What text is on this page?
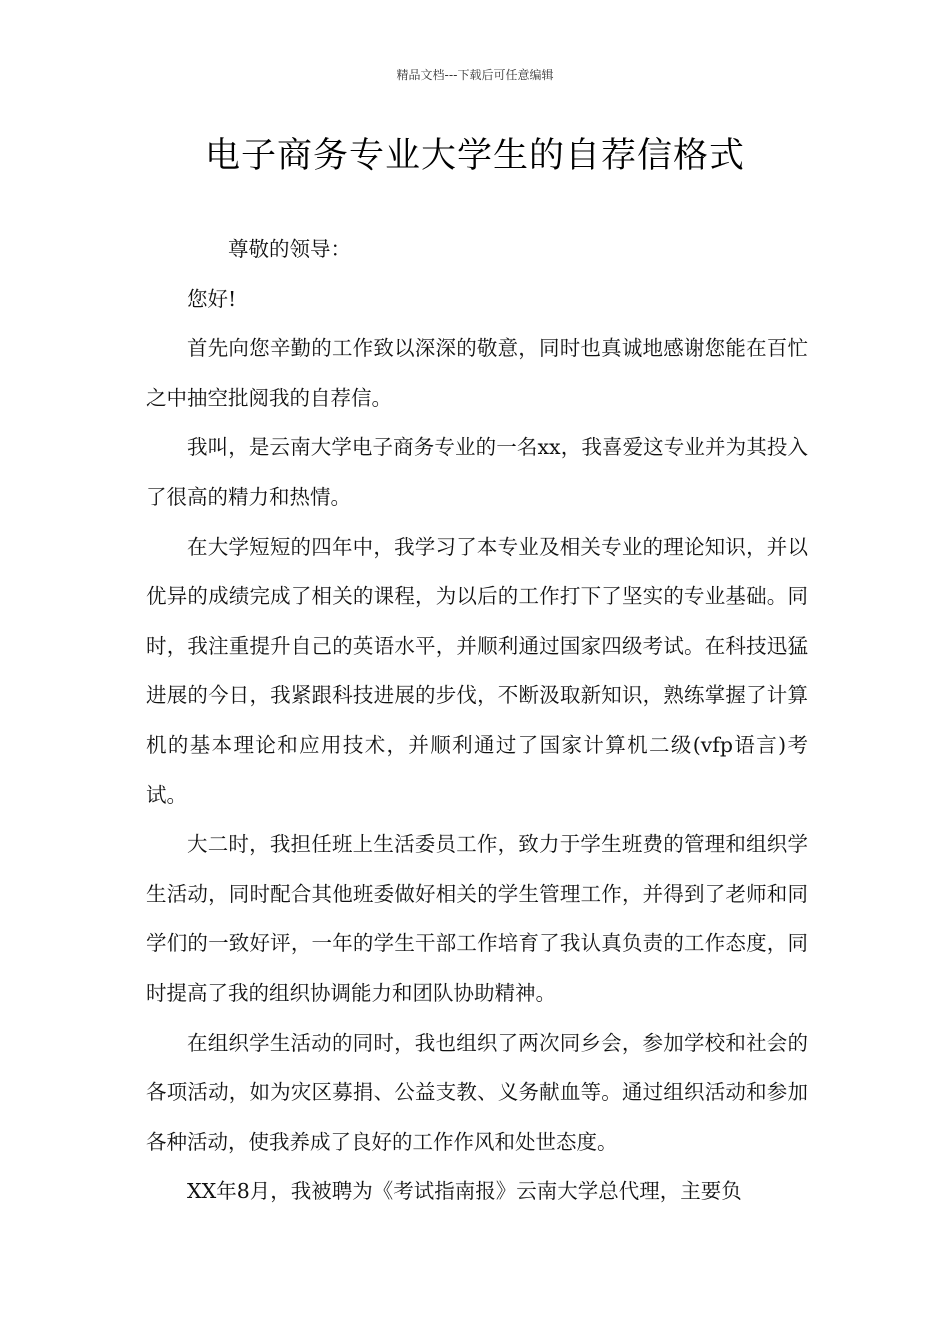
精品文档---下载后可任意编辑
电子商务专业大学生的自荐信格式

尊敬的领导：

您好!

首先向您辛勤的工作致以深深的敬意，同时也真诚地感谢您能在百忙之中抽空批阅我的自荐信。

我叫，是云南大学电子商务专业的一名xx，我喜爱这专业并为其投入了很高的精力和热情。

在大学短短的四年中，我学习了本专业及相关专业的理论知识，并以优异的成绩完成了相关的课程，为以后的工作打下了坚实的专业基础。同时，我注重提升自己的英语水平，并顺利通过国家四级考试。在科技迅猛进展的今日，我紧跟科技进展的步伐，不断汲取新知识，熟练掌握了计算机的基本理论和应用技术，并顺利通过了国家计算机二级(vfp语言)考试。

大二时，我担任班上生活委员工作，致力于学生班费的管理和组织学生活动，同时配合其他班委做好相关的学生管理工作，并得到了老师和同学们的一致好评，一年的学生干部工作培育了我认真负责的工作态度，同时提高了我的组织协调能力和团队协助精神。

在组织学生活动的同时，我也组织了两次同乡会，参加学校和社会的各项活动，如为灾区募捐、公益支教、义务献血等。通过组织活动和参加各种活动，使我养成了良好的工作作风和处世态度。

XX年8月，我被聘为《考试指南报》云南大学总代理，主要负
